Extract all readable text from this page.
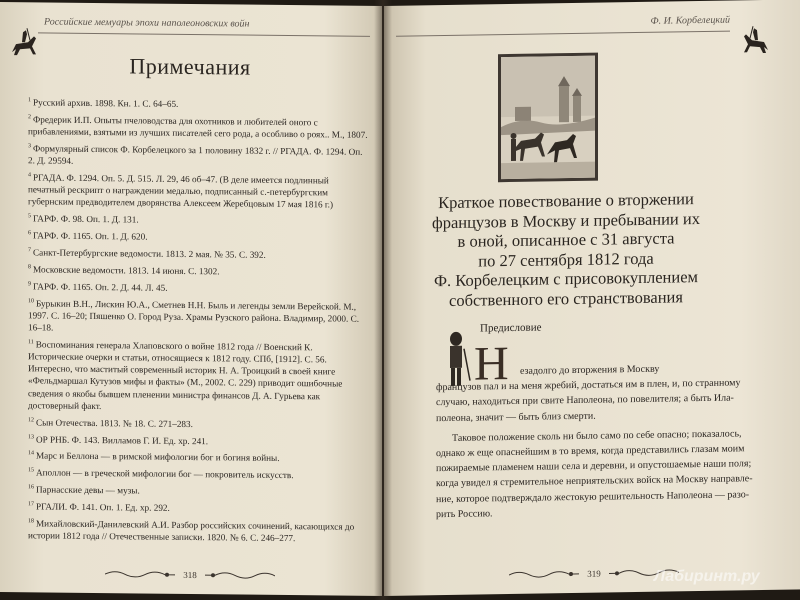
Российские мемуары эпохи наполеоновских войн
Примечания
$^1$ Русский архив. 1898. Кн. 1. С. 64–65.
$^2$ Фредерик И.П. Опыты пчеловодства для охотников и любителей оного с прибавлениями, взятыми из лучших писателей сего рода, а особливо о роях.. М., 1807.
$^3$ Формулярный список Ф. Корбелецкого за 1 половину 1832 г. // РГАДА. Ф. 1294. Оп. 2. Д. 29594.
$^4$ РГАДА. Ф. 1294. Оп. 5. Д. 515. Л. 29, 46 об–47. (В деле имеется подлинный печатный рескрипт о награждении медалью, подписанный с.-петербургским губернским предводителем дворянства Алексеем Жеребцовым 17 мая 1816 г.)
$^5$ ГАРФ. Ф. 98. Оп. 1. Д. 131.
$^6$ ГАРФ. Ф. 1165. Оп. 1. Д. 620.
$^7$ Санкт-Петербургские ведомости. 1813. 2 мая. № 35. С. 392.
$^8$ Московские ведомости. 1813. 14 июня. С. 1302.
$^9$ ГАРФ. Ф. 1165. Оп. 2. Д. 44. Л. 45.
$^{10}$ Бурыкин В.Н., Лискин Ю.А., Сметнев Н.Н. Быль и легенды земли Верейской. М., 1997. С. 16–20; Пяшенко О. Город Руза. Храмы Рузского района. Владимир, 2000. С. 16–18.
$^{11}$ Воспоминания генерала Хлаповского о войне 1812 года // Военский К. Исторические очерки и статьи, относящиеся к 1812 году. СПб, [1912]. С. 56. Интересно, что маститый современный историк Н. А. Троицкий в своей книге «Фельдмаршал Кутузов мифы и факты» (М., 2002. С. 229) приводит ошибочные сведения о якобы бывшем пленении министра финансов Д. А. Гурьева как достоверный факт.
$^{12}$ Сын Отечества. 1813. № 18. С. 271–283.
$^{13}$ ОР РНБ. Ф. 143. Вилламов Г. И. Ед. хр. 241.
$^{14}$ Марс и Беллона — в римской мифологии бог и богиня войны.
$^{15}$ Аполлон — в греческой мифологии бог — покровитель искусств.
$^{16}$ Парнасские девы — музы.
$^{17}$ РГАЛИ. Ф. 141. Оп. 1. Ед. хр. 292.
$^{18}$ Михайловский-Данилевский А.И. Разбор российских сочинений, касающихся до истории 1812 года // Отечественные записки. 1820. № 6. С. 246–277.
318
Ф. И. Корбелецкий
Краткое повествование о вторжении
французов в Москву и пребывании их
в оной, описанное с 31 августа
по 27 сентября 1812 года
Ф. Корбелецким с присовокуплением
собственного его странствования
Предисловие
Н	езадолго до вторжения в Москву
французов пал и на меня жребий, достаться им в плен, и, по странному
случаю, находиться при свите Наполеона, по повелителя; а быть Ила-
полеона, значит — быть близ смерти.
Таковое положение сколь ни было само по себе опасно; показалось,
однако ж еще опаснейшим в то время, когда представились глазам моим
пожираемые пламенем наши села и деревни, и опустошаемые наши поля;
когда увидел я стремительное неприятельских войск на Москву направле-
ние, которое подтверждало жестокую решительность Наполеона — разо-
рить Россию.
319	Лабиринт.ру
